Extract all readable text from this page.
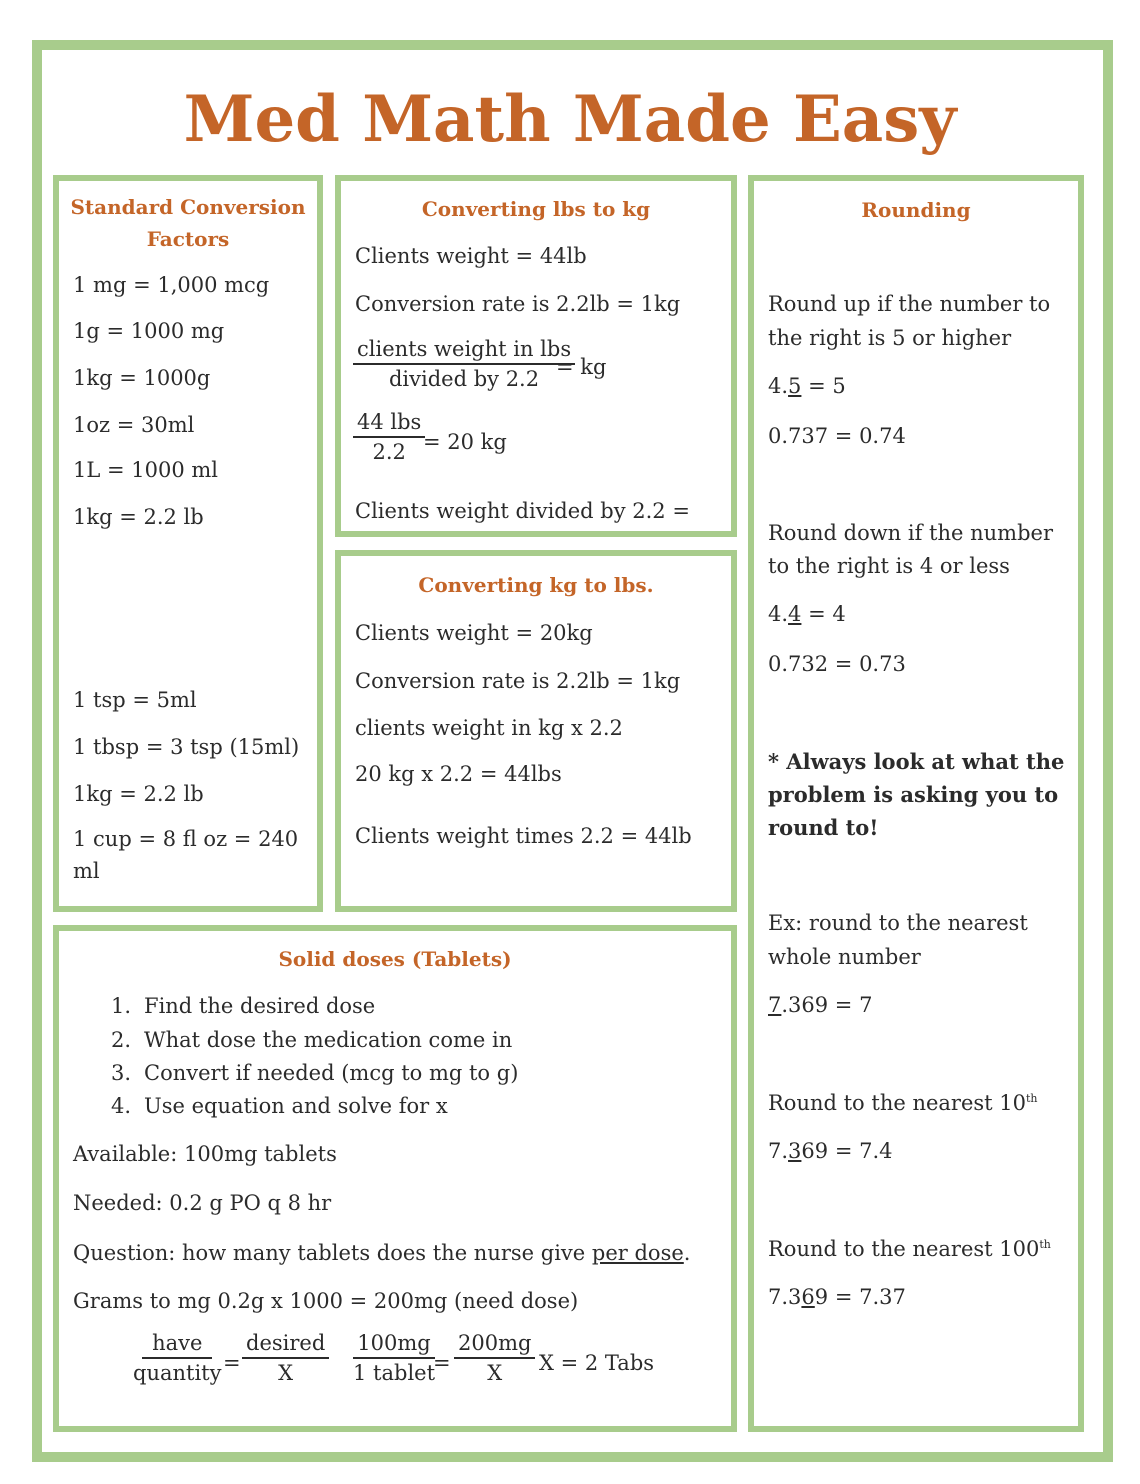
Med Math Made Easy
Standard Conversion
Factors
1 mg = 1,000 mcg
1g = 1000 mg
1kg = 1000g
1oz = 30ml
1L = 1000 ml
1kg = 2.2 lb
1 tsp = 5ml
1 tbsp = 3 tsp (15ml)
1kg = 2.2 lb
1 cup = 8 fl oz = 240
ml
Converting lbs to kg
Clients weight = 44lb
Conversion rate is 2.2lb = 1kg
clients weight in lbs
divided by 2.2 = kg
44 lbs
2.2 = 20 kg
Clients weight divided by 2.2 =
Converting kg to lbs.
Clients weight = 20kg
Conversion rate is 2.2lb = 1kg
clients weight in kg x 2.2
20 kg x 2.2 = 44lbs
Clients weight times 2.2 = 44lb
Rounding
Round up if the number to
the right is 5 or higher
4.5 = 5
0.737 = 0.74
Round down if the number
to the right is 4 or less
4.4 = 4
0.732 = 0.73
* Always look at what the
problem is asking you to
round to!
Ex: round to the nearest
whole number
7.369 = 7
Round to the nearest 10th
7.369 = 7.4
Round to the nearest 100th
7.369 = 7.37
Solid doses (Tablets)
1. Find the desired dose
2. What dose the medication come in
3. Convert if needed (mcg to mg to g)
4. Use equation and solve for x
Available: 100mg tablets
Needed: 0.2 g PO q 8 hr
Question: how many tablets does the nurse give per dose.
Grams to mg 0.2g x 1000 = 200mg (need dose)
have
quantity =
desired
X
100mg
1 tablet
= $\frac{200mg}{X}$ X = 2 Tabs
